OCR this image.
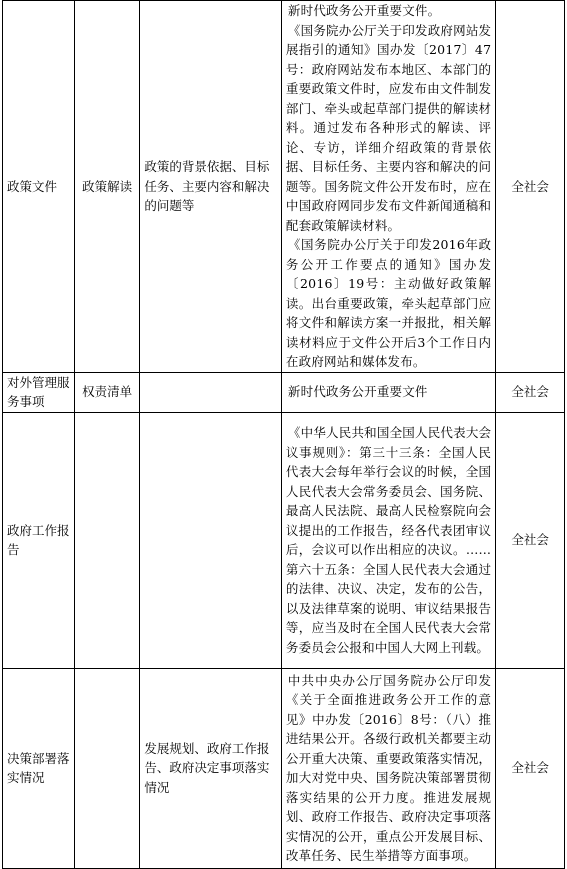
政策文件	政策解读	政策的背景依据、目标任务、主要内容和解决的问题等	新时代政务公开重要文件。

《国务院办公厅关于印发政府网站发展指引的通知》国办发〔2017〕47号：政府网站发布本地区、本部门的重要政策文件时，应发布由文件制发部门、牵头或起草部门提供的解读材料。通过发布各种形式的解读、评论、专访，详细介绍政策的背景依据、目标任务、主要内容和解决的问题等。国务院文件公开发布时，应在中国政府网同步发布文件新闻通稿和配套政策解读材料。

《国务院办公厅关于印发2016年政务公开工作要点的通知》国办发〔2016〕19号：主动做好政策解读。出台重要政策，牵头起草部门应将文件和解读方案一并报批，相关解读材料应于文件公开后3个工作日内在政府网站和媒体发布。	全社会
对外管理服务事项	权责清单		新时代政务公开重要文件	全社会
政府工作报告			《中华人民共和国全国人民代表大会议事规则》：第三十三条：全国人民代表大会每年举行会议的时候，全国人民代表大会常务委员会、国务院、最高人民法院、最高人民检察院向会议提出的工作报告，经各代表团审议后，会议可以作出相应的决议。……第六十五条：全国人民代表大会通过的法律、决议、决定，发布的公告，以及法律草案的说明、审议结果报告等，应当及时在全国人民代表大会常务委员会公报和中国人大网上刊载。	全社会
决策部署落实情况		发展规划、政府工作报告、政府决定事项落实情况	中共中央办公厅国务院办公厅印发《关于全面推进政务公开工作的意见》中办发〔2016〕8号：（八）推进结果公开。各级行政机关都要主动公开重大决策、重要政策落实情况，加大对党中央、国务院决策部署贯彻落实结果的公开力度。推进发展规划、政府工作报告、政府决定事项落实情况的公开，重点公开发展目标、改革任务、民生举措等方面事项。	全社会
